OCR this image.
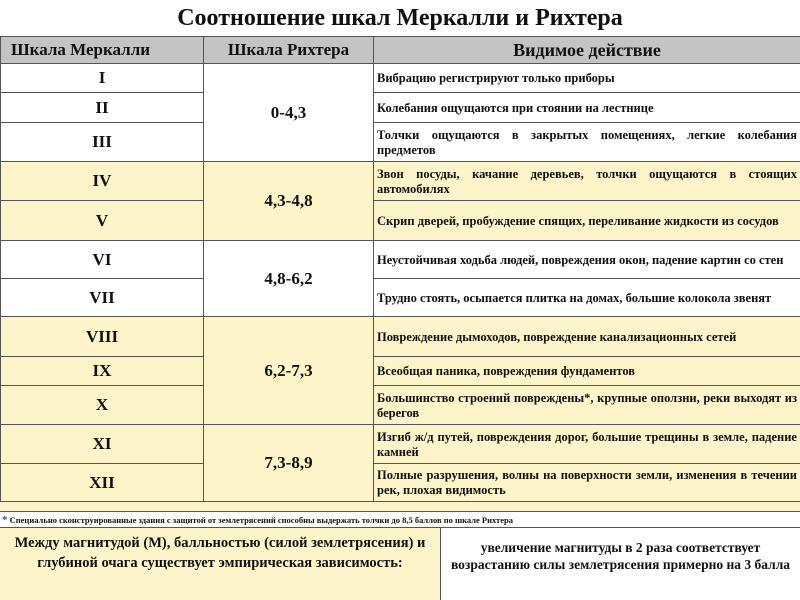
Соотношение шкал Меркалли и Рихтера
Шкала Меркалли	Шкала Рихтера	Видимое действие
I	0-4,3	Вибрацию регистрируют только приборы
II		Колебания ощущаются при стоянии на лестнице
III		Толчки ощущаются в закрытых помещениях, легкие колебания предметов
IV	4,3-4,8	Звон посуды, качание деревьев, толчки ощущаются в стоящих автомобилях
V		Скрип дверей, пробуждение спящих, переливание жидкости из сосудов
VI	4,8-6,2	Неустойчивая ходьба людей, повреждения окон, падение картин со стен
VII		Трудно стоять, осыпается плитка на домах, большие колокола звенят
VIII	6,2-7,3	Повреждение дымоходов, повреждение канализационных сетей
IX		Всеобщая паника, повреждения фундаментов
X		Большинство строений повреждены*, крупные оползни, реки выходят из берегов
XI	7,3-8,9	Изгиб ж/д путей, повреждения дорог, большие трещины в земле, падение камней
XII		Полные разрушения, волны на поверхности земли, изменения в течении рек, плохая видимость
* Специально сконструированные здания с защитой от землетрясений способны выдержать толчки до 8,5 баллов по шкале Рихтера
Между магнитудой (М), балльностью (силой землетрясения) и глубиной очага существует эмпирическая зависимость:
увеличение магнитуды в 2 раза соответствует возрастанию силы землетрясения примерно на 3 балла
